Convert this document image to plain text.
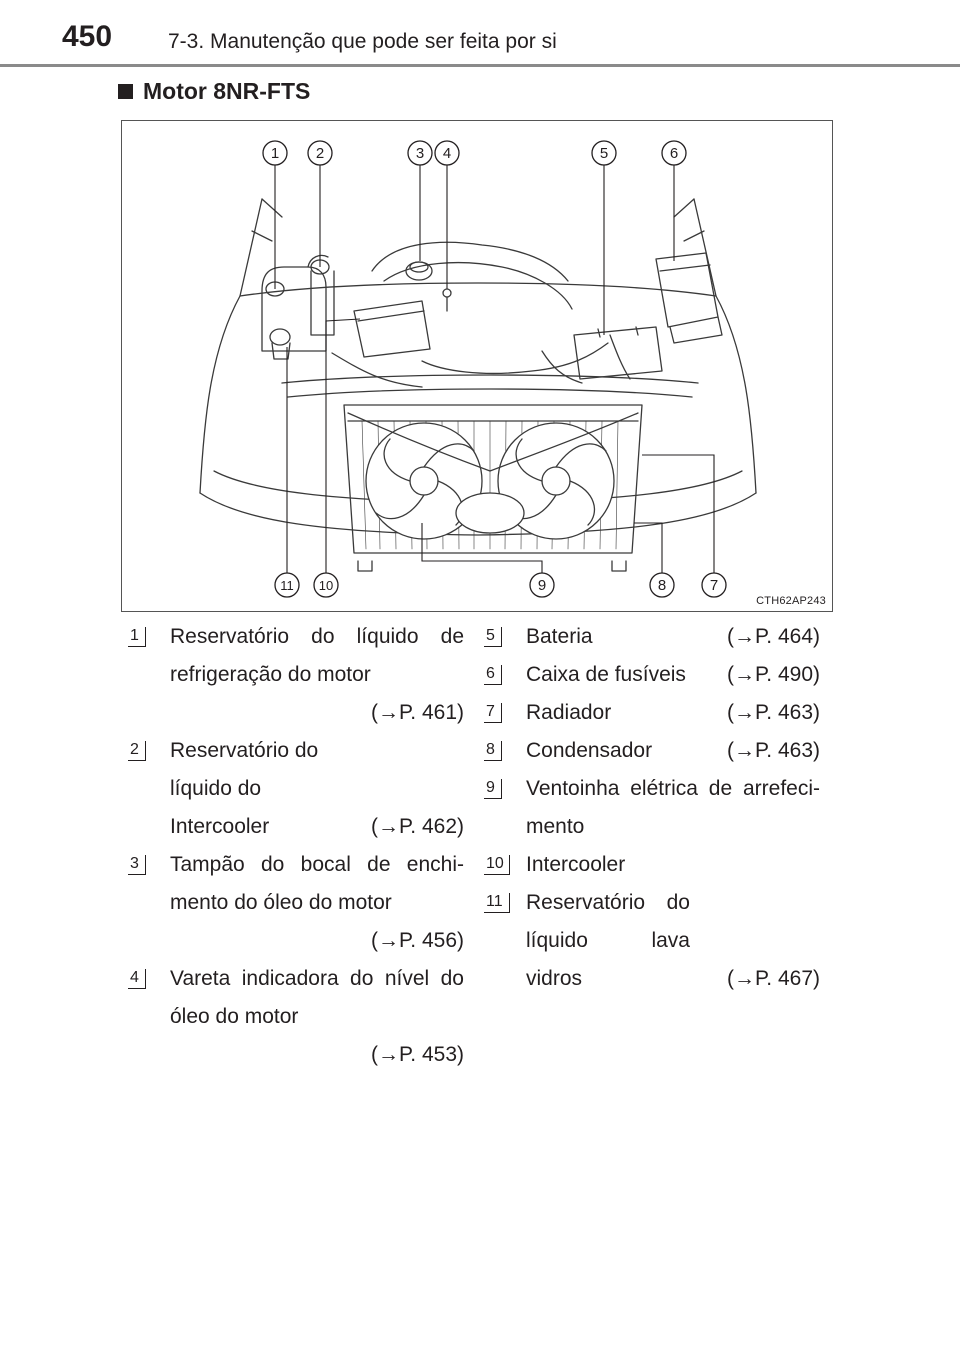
450	7-3. Manutenção que pode ser feita por si
Motor 8NR-FTS
1 2	3 4	5	6
11 10	9	8	7
CTH62AP243
1	Reservatório do líquido de refrigeração do motor
(→P. 461)
2	Reservatório do líquido do Intercooler	(→P. 462)
3	Tampão do bocal de enchi-mento do óleo do motor
(→P. 456)
4	Vareta indicadora do nível do óleo do motor
(→P. 453)
5	Bateria	(→P. 464)
6	Caixa de fusíveis (→P. 490)
7	Radiador	(→P. 463)
8	Condensador	(→P. 463)
9	Ventoinha elétrica de arrefeci-mento
10 Intercooler
11	Reservatório do líquido lava vidros	(→P. 467)
